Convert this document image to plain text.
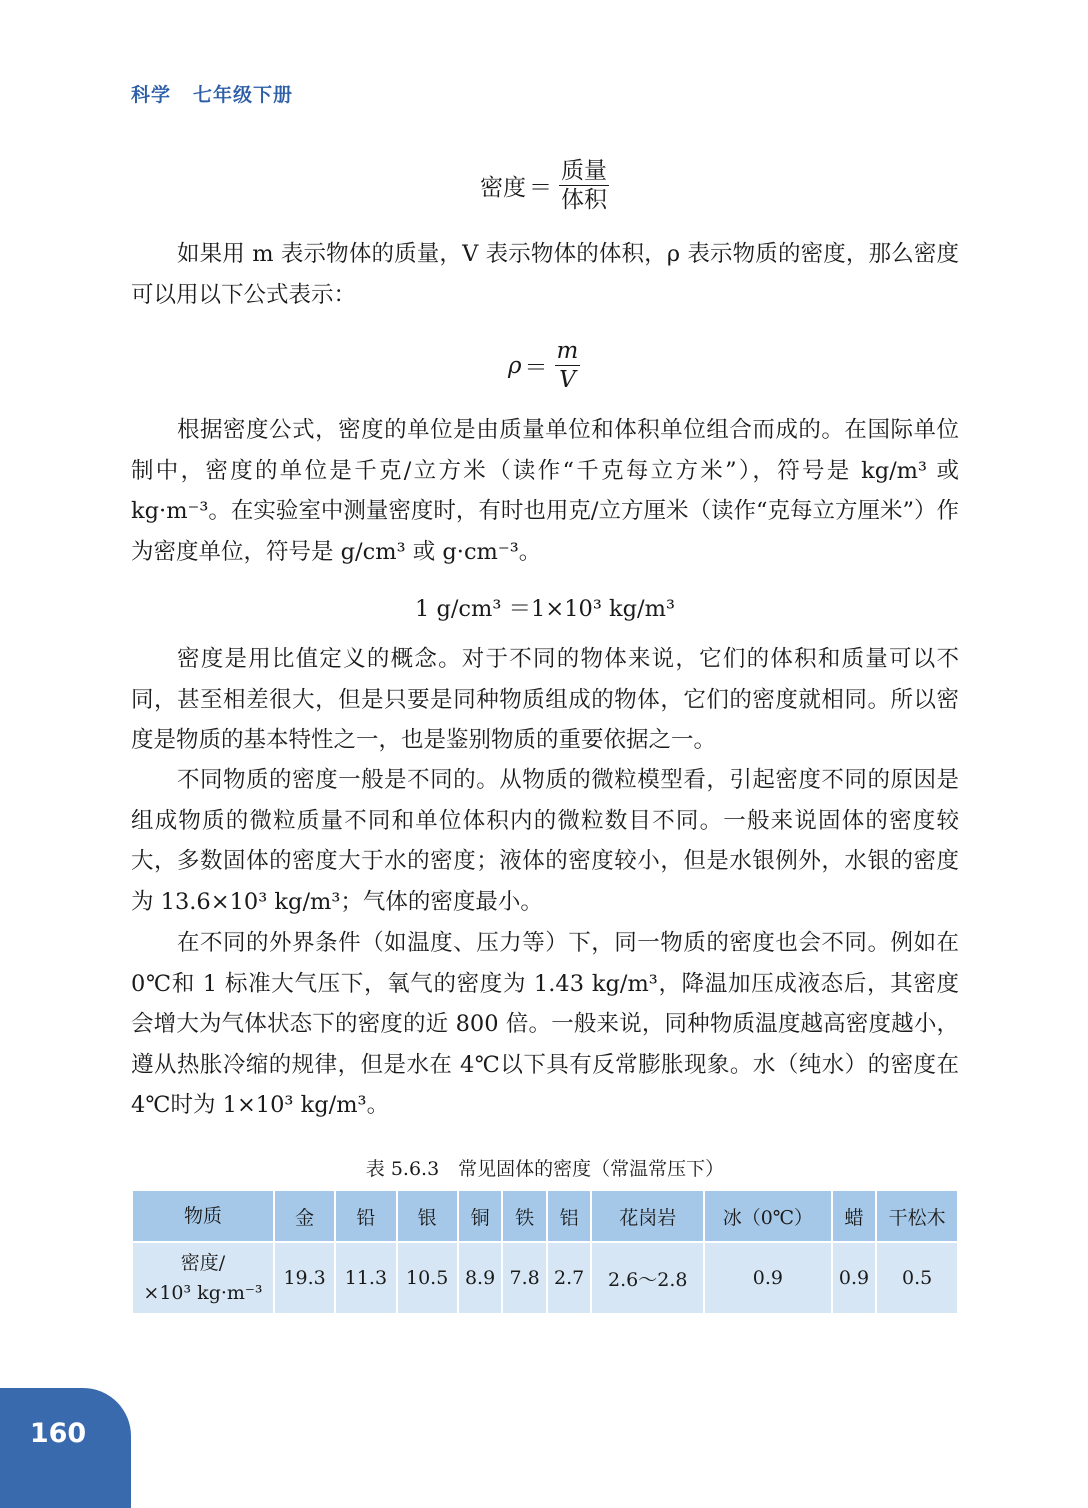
科学 七年级下册
密度 ＝ $\frac{\text{质量}}{\text{体积}}$

如果用 m 表示物体的质量，V 表示物体的体积，ρ 表示物质的密度，那么密度可以用以下公式表示：

$\rho = \frac{m}{V}$

根据密度公式，密度的单位是由质量单位和体积单位组合而成的。在国际单位制中，密度的单位是千克/立方米（读作“千克每立方米”），符号是 kg/m³ 或 kg·m⁻³。在实验室中测量密度时，有时也用克/立方厘米（读作“克每立方厘米”）作为密度单位，符号是 g/cm³ 或 g·cm⁻³。

1 g/cm³ ＝1×10³ kg/m³

密度是用比值定义的概念。对于不同的物体来说，它们的体积和质量可以不同，甚至相差很大，但是只要是同种物质组成的物体，它们的密度就相同。所以密度是物质的基本特性之一，也是鉴别物质的重要依据之一。

不同物质的密度一般是不同的。从物质的微粒模型看，引起密度不同的原因是组成物质的微粒质量不同和单位体积内的微粒数目不同。一般来说固体的密度较大，多数固体的密度大于水的密度；液体的密度较小，但是水银例外，水银的密度为 13.6×10³ kg/m³；气体的密度最小。

在不同的外界条件（如温度、压力等）下，同一物质的密度也会不同。例如在 0℃和 1 标准大气压下，氧气的密度为 1.43 kg/m³，降温加压成液态后，其密度会增大为气体状态下的密度的近 800 倍。一般来说，同种物质温度越高密度越小，遵从热胀冷缩的规律，但是水在 4℃以下具有反常膨胀现象。水（纯水）的密度在 4℃时为 1×10³ kg/m³。

表 5.6.3　常见固体的密度（常温常压下）
物质	金	铅	银	铜	铁	铝	花岗岩	冰（0℃）	蜡	干松木

密度/
×10³ kg·m⁻³	19.3	11.3	10.5	8.9	7.8	2.7	2.6～2.8	0.9	0.9	0.5
160
